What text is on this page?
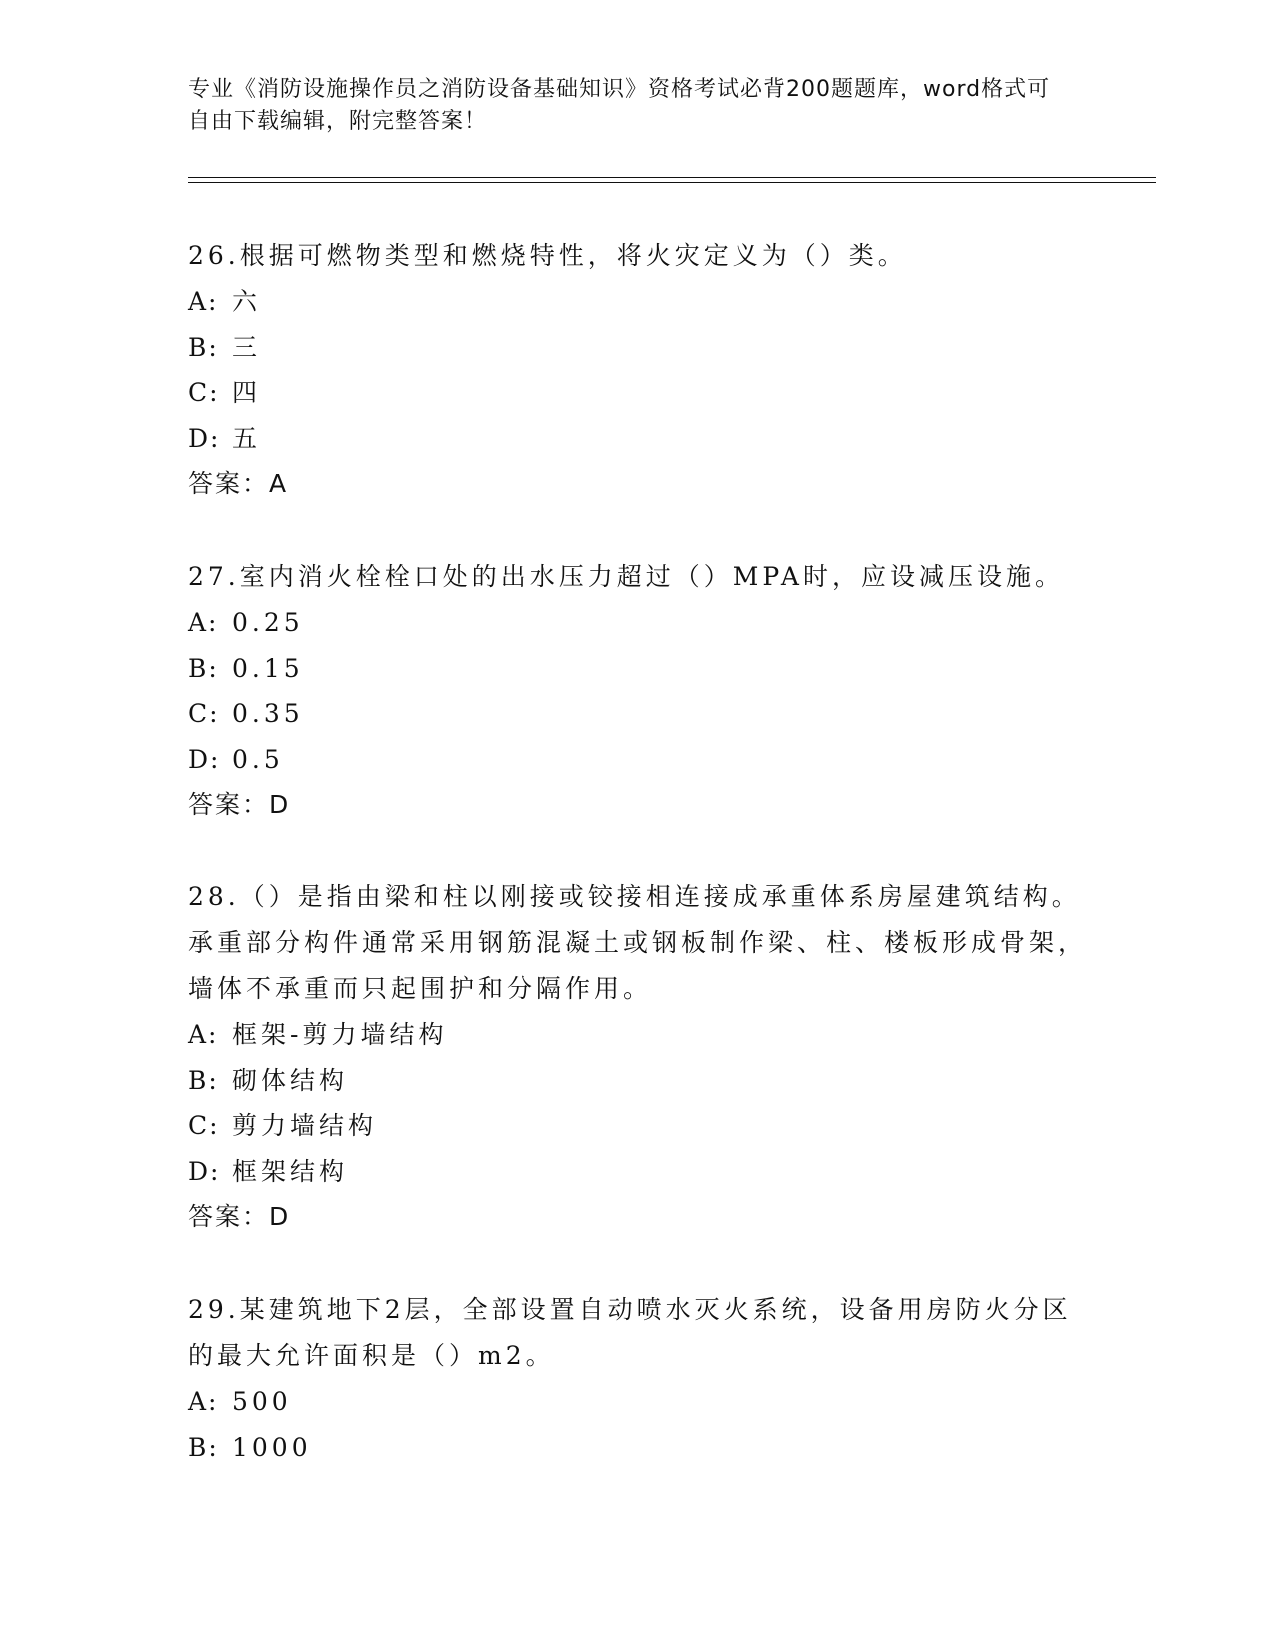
专业《消防设施操作员之消防设备基础知识》资格考试必背200题题库，word格式可自由下载编辑，附完整答案！

26.根据可燃物类型和燃烧特性，将火灾定义为（）类。

A: 六

B: 三

C: 四

D: 五

答案：A

27.室内消火栓栓口处的出水压力超过（）MPA时，应设减压设施。

A: 0.25

B: 0.15

C: 0.35

D: 0.5

答案：D

28.（）是指由梁和柱以刚接或铰接相连接成承重体系房屋建筑结构。承重部分构件通常采用钢筋混凝土或钢板制作梁、柱、楼板形成骨架，墙体不承重而只起围护和分隔作用。

A: 框架-剪力墙结构

B: 砌体结构

C: 剪力墙结构

D: 框架结构

答案：D

29.某建筑地下2层，全部设置自动喷水灭火系统，设备用房防火分区的最大允许面积是（）m2。

A: 500

B: 1000
